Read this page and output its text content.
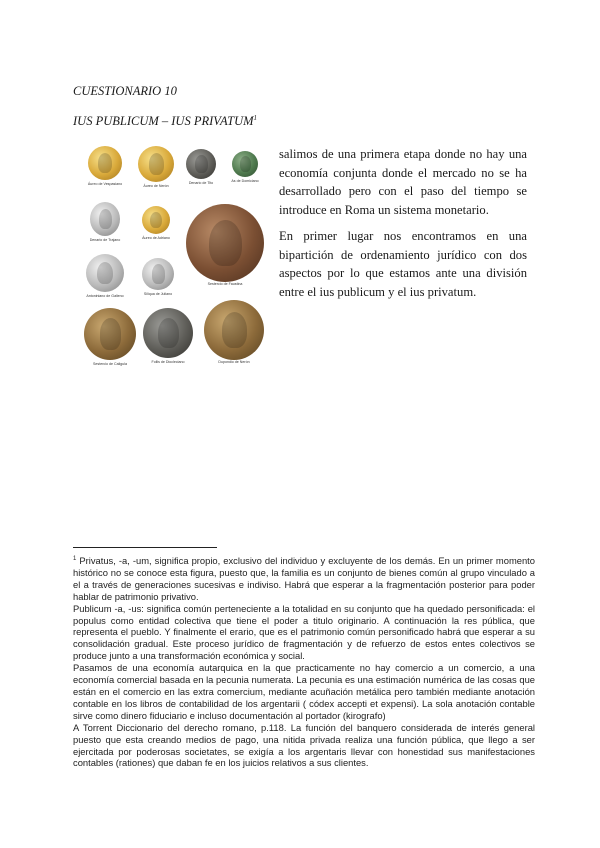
CUESTIONARIO 10
IUS PUBLICUM – IUS PRIVATUM$^1$
Áureo de Vespasiano	Áureo de Nerón
Denario de Tito	As de Domiciano
Denario de Trajano	Áureo de Adriano
Sestercio de Faustina
Antoniniano de Galieno	Siliqua de Juliano
Sestercio de Caligula	Follis de Diocleciano	Dupondio de Nerón

salimos de una primera etapa donde no hay una economía conjunta donde el mercado no se ha desarrollado pero con el paso del tiempo se introduce en Roma un sistema monetario.

En primer lugar nos encontramos en una bipartición de ordenamiento jurídico con dos aspectos por lo que estamos ante una división entre el ius publicum y el ius privatum.

$^1$ Privatus, -a, -um, significa propio, exclusivo del individuo y excluyente de los demás. En un primer momento histórico no se conoce esta figura, puesto que, la familia es un conjunto de bienes común al grupo vinculado a el a través de generaciones sucesivas e indiviso. Habrá que esperar a la fragmentación posterior para poder hablar de patrimonio privativo.

Publicum -a, -us: significa común perteneciente a la totalidad en su conjunto que ha quedado personificada: el populus como entidad colectiva que tiene el poder a titulo originario. A continuación la res pública, que representa el pueblo. Y finalmente el erario, que es el patrimonio común personificado habrá que esperar a su consolidación gradual. Este proceso jurídico de fragmentación y de refuerzo de estos entes colectivos se produce junto a una transformación económica y social.

Pasamos de una economía autarquica en la que practicamente no hay comercio a un comercio, a una economía comercial basada en la pecunia numerata. La pecunia es una estimación numérica de las cosas que están en el comercio en las extra comercium, mediante acuñación metálica pero también mediante anotación contable en los libros de contabilidad de los argentarii ( códex accepti et expensi). La sola anotación contable sirve como dinero fiduciario e incluso documentación al portador (kirografo)

A Torrent Diccionario del derecho romano, p.118. La función del banquero considerada de interés general puesto que esta creando medios de pago, una nitida privada realiza una función pública, que llego a ser ejercitada por poderosas societates, se exigía a los argentaris llevar con honestidad sus manifestaciones contables (rationes) que daban fe en los juicios relativos a sus clientes.
